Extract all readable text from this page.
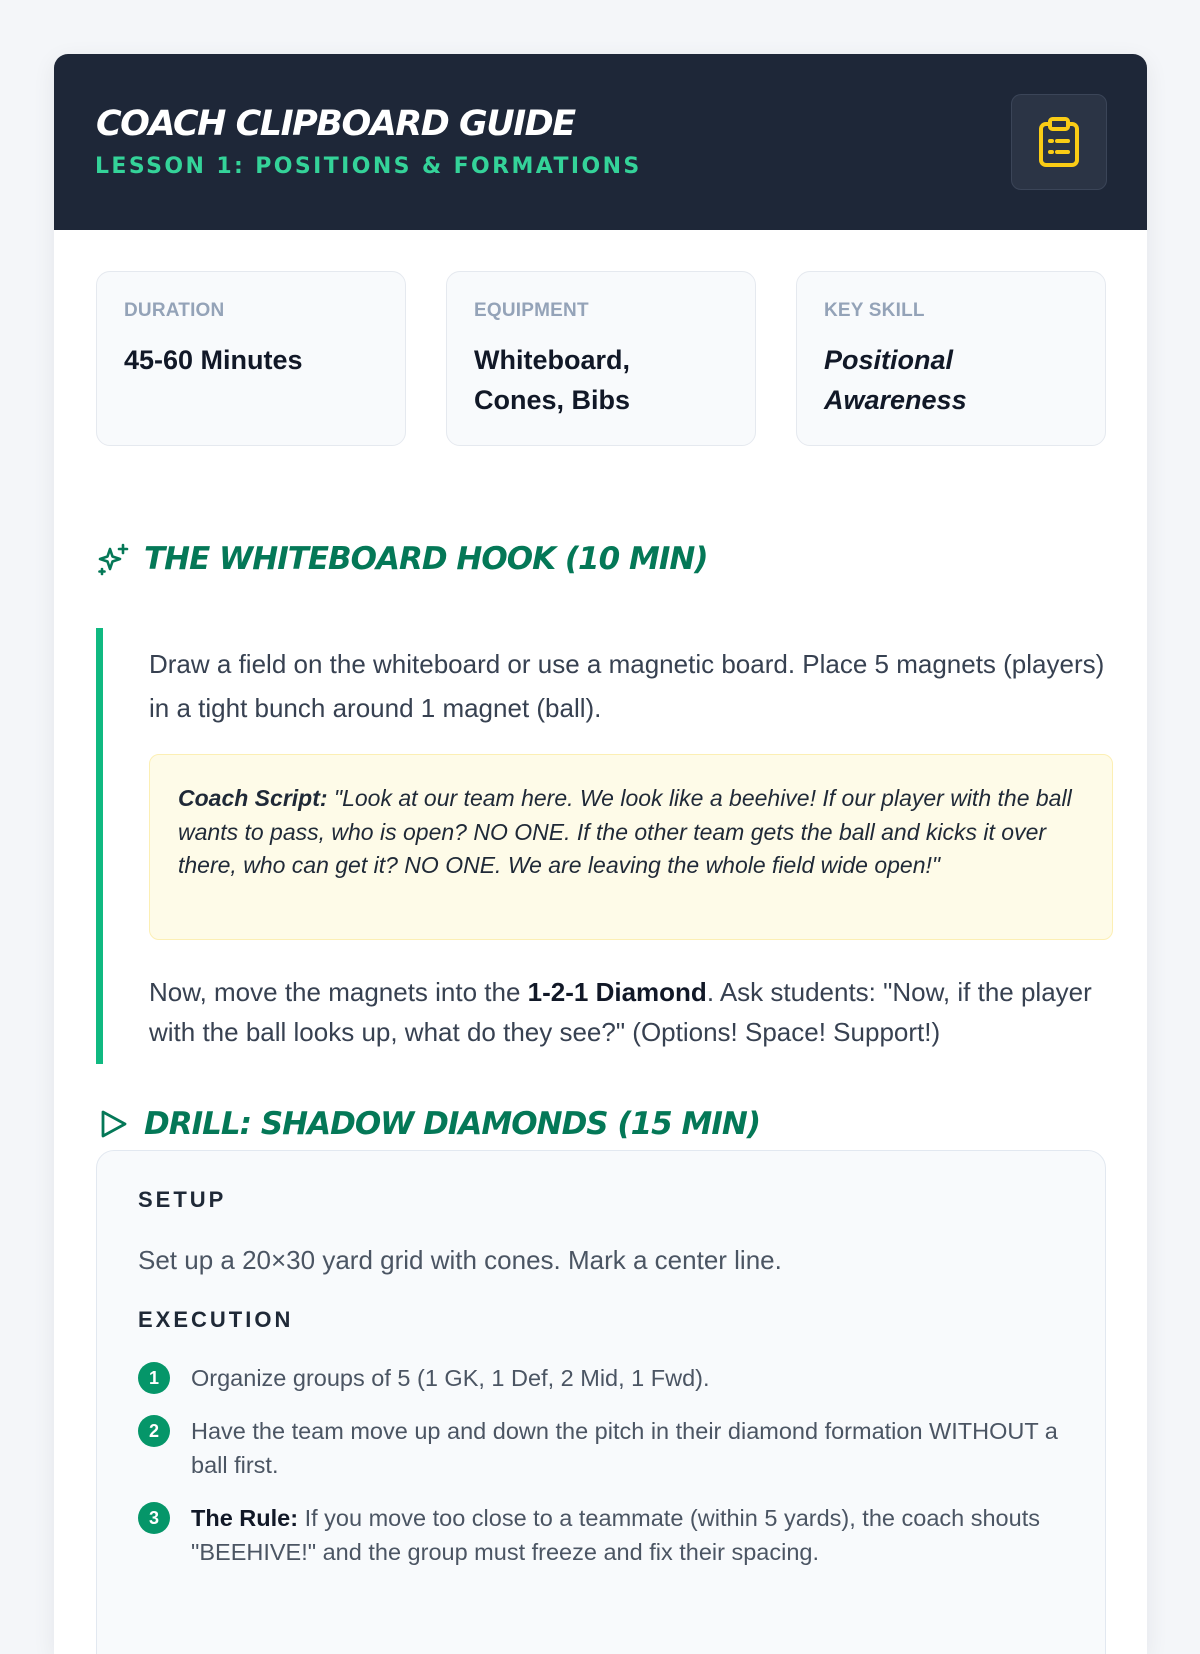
COACH CLIPBOARD GUIDE
LESSON 1: POSITIONS & FORMATIONS
DURATION
45-60 Minutes
EQUIPMENT
Whiteboard, Cones, Bibs
KEY SKILL
Positional Awareness
THE WHITEBOARD HOOK (10 MIN)

Draw a field on the whiteboard or use a magnetic board. Place 5 magnets (players) in a tight bunch around 1 magnet (ball).

Coach Script: "Look at our team here. We look like a beehive! If our player with the ball wants to pass, who is open? NO ONE. If the other team gets the ball and kicks it over there, who can get it? NO ONE. We are leaving the whole field wide open!"

Now, move the magnets into the 1-2-1 Diamond. Ask students: "Now, if the player with the ball looks up, what do they see?" (Options! Space! Support!)

DRILL: SHADOW DIAMONDS (15 MIN)
SETUP
Set up a 20×30 yard grid with cones. Mark a center line.
EXECUTION
1	Organize groups of 5 (1 GK, 1 Def, 2 Mid, 1 Fwd).
2	Have the team move up and down the pitch in their diamond formation WITHOUT a ball first.
3	The Rule: If you move too close to a teammate (within 5 yards), the coach shouts "BEEHIVE!" and the group must freeze and fix their spacing.
